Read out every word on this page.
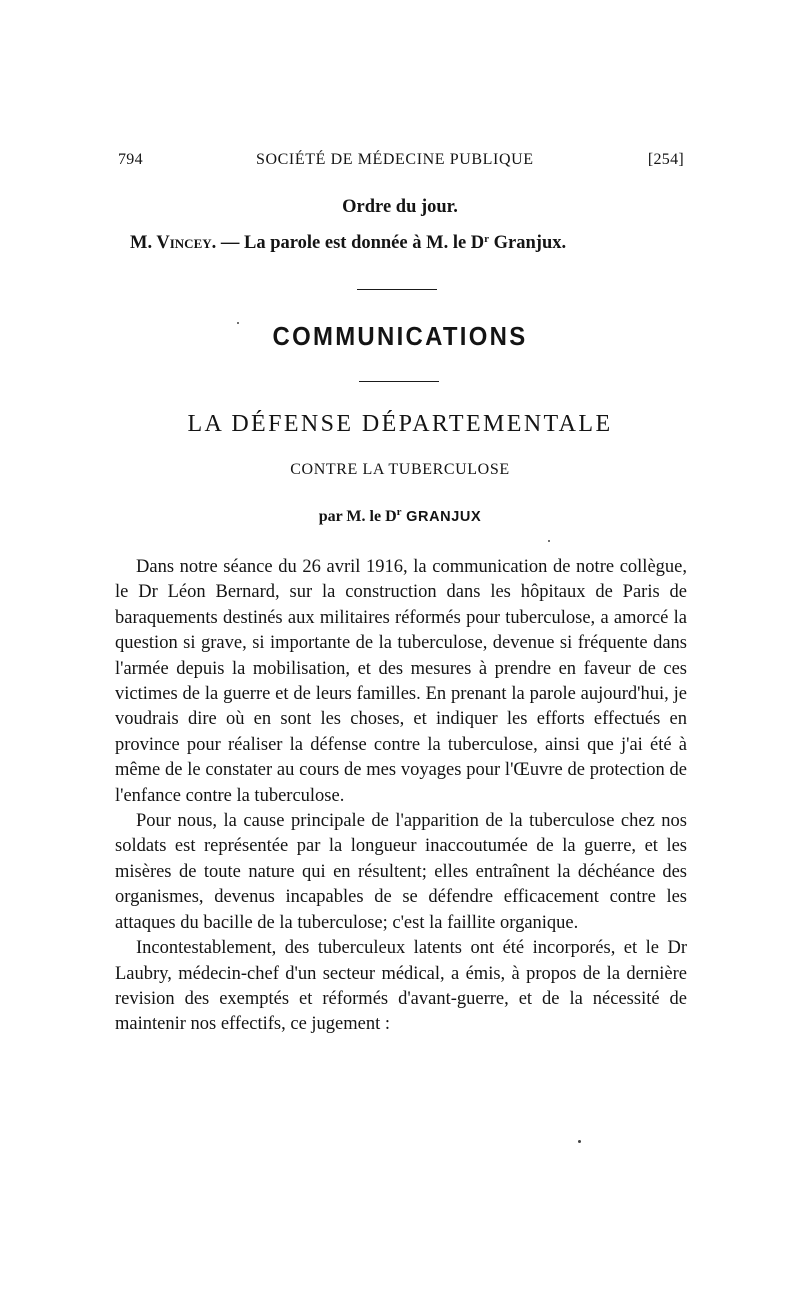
794	SOCIÉTÉ DE MÉDECINE PUBLIQUE	[254]
Ordre du jour.
M. Vincey. — La parole est donnée à M. le $D^r$ Granjux.
COMMUNICATIONS
LA DÉFENSE DÉPARTEMENTALE
CONTRE LA TUBERCULOSE
par M. le $D^r$ GRANJUX

Dans notre séance du 26 avril 1916, la communication de notre collègue, le Dr Léon Bernard, sur la construction dans les hôpitaux de Paris de baraquements destinés aux militaires réformés pour tuberculose, a amorcé la question si grave, si importante de la tuberculose, devenue si fréquente dans l'armée depuis la mobilisation, et des mesures à prendre en faveur de ces victimes de la guerre et de leurs familles. En prenant la parole aujourd'hui, je voudrais dire où en sont les choses, et indiquer les efforts effectués en province pour réaliser la défense contre la tuberculose, ainsi que j'ai été à même de le constater au cours de mes voyages pour l'Œuvre de protection de l'enfance contre la tuberculose.

Pour nous, la cause principale de l'apparition de la tuberculose chez nos soldats est représentée par la longueur inaccoutumée de la guerre, et les misères de toute nature qui en résultent; elles entraînent la déchéance des organismes, devenus incapables de se défendre efficacement contre les attaques du bacille de la tuberculose; c'est la faillite organique.

Incontestablement, des tuberculeux latents ont été incorporés, et le Dr Laubry, médecin-chef d'un secteur médical, a émis, à propos de la dernière revision des exemptés et réformés d'avant-guerre, et de la nécessité de maintenir nos effectifs, ce jugement :
